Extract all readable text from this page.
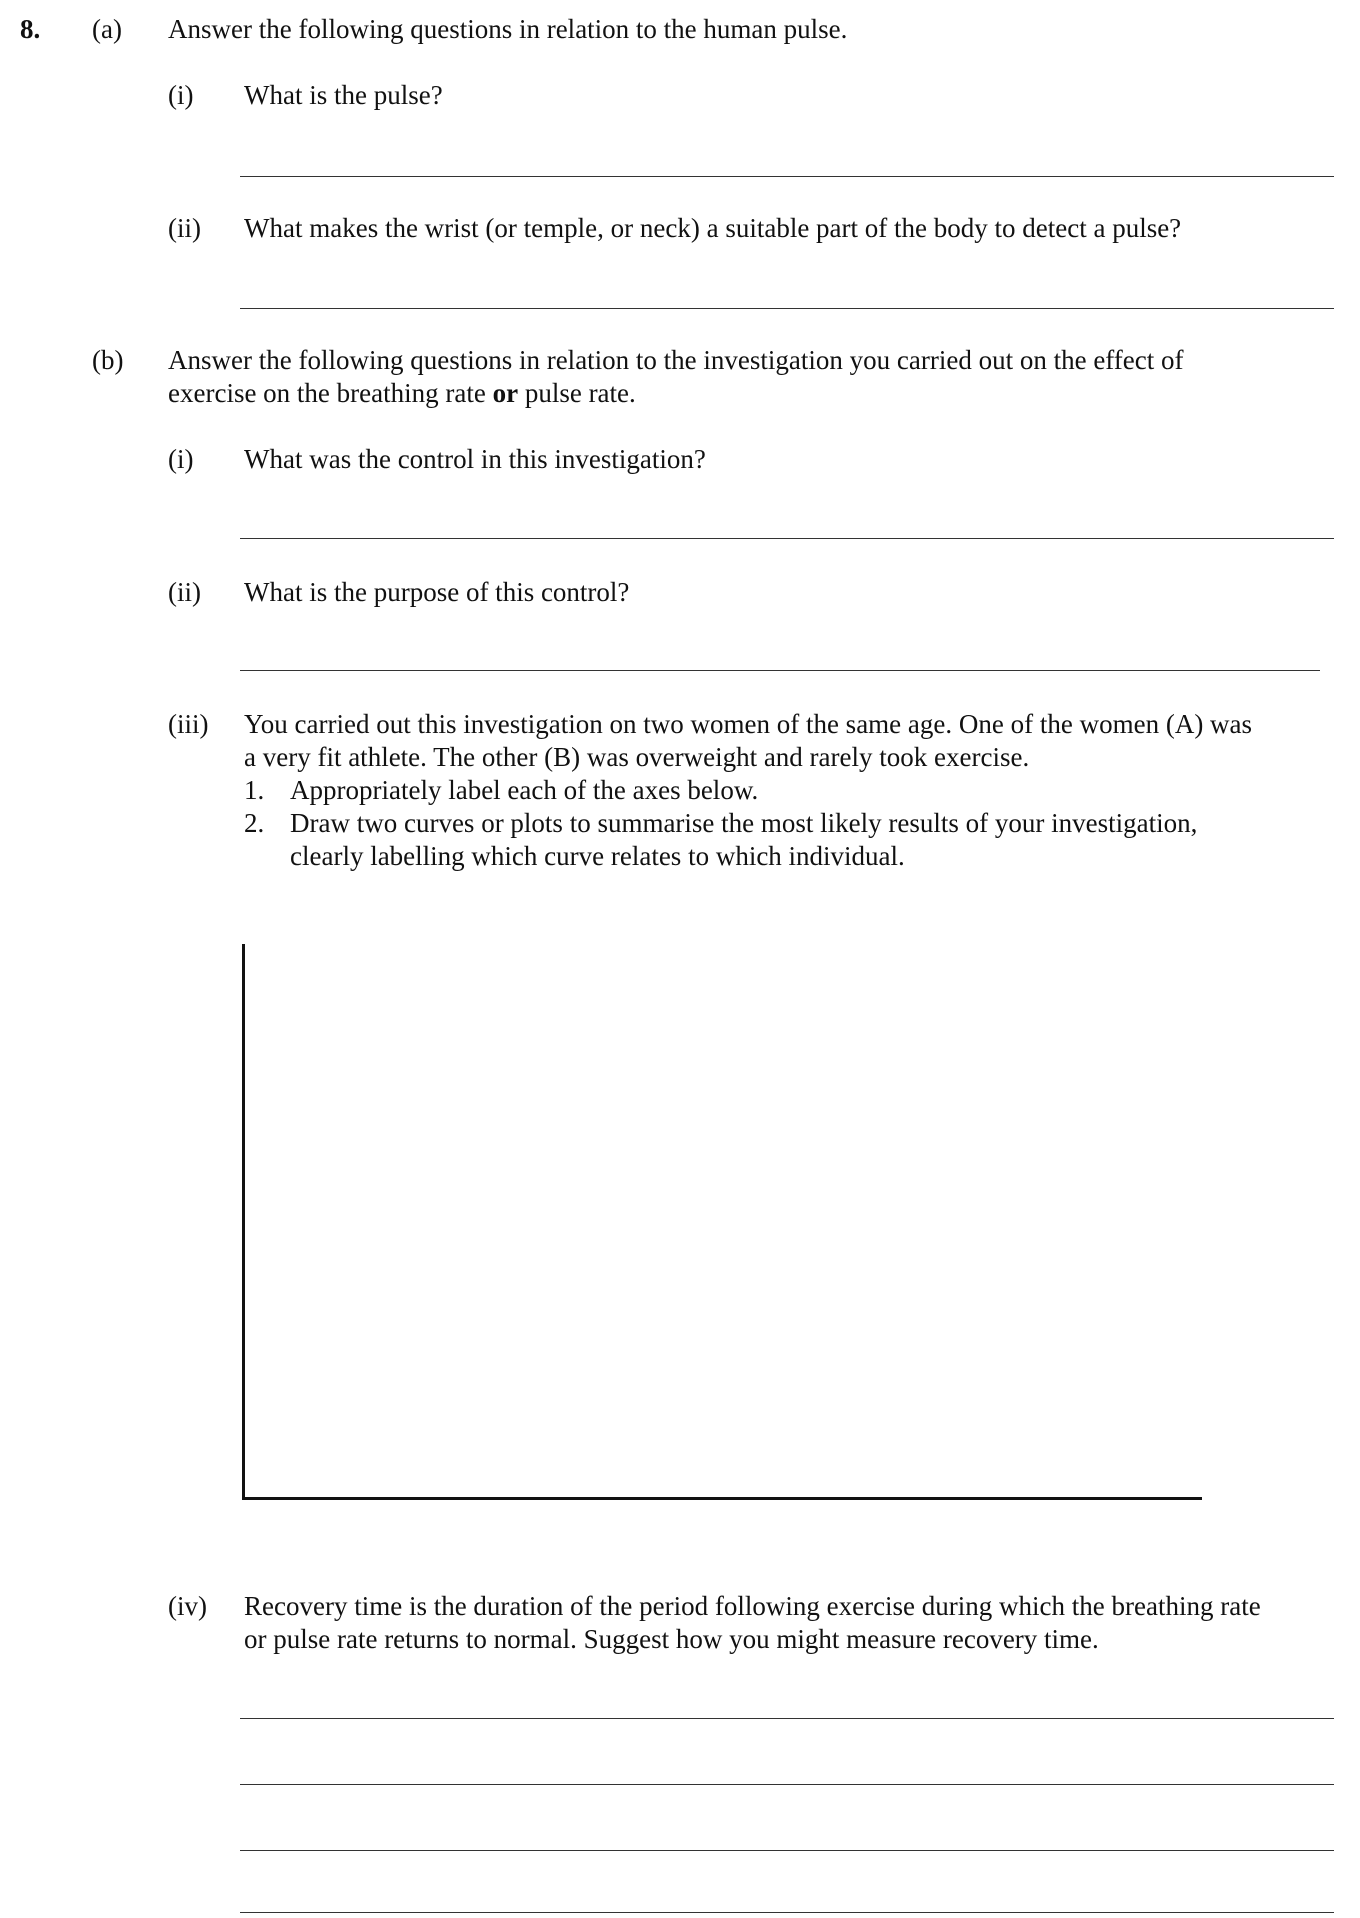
8. (a) Answer the following questions in relation to the human pulse.
(i) What is the pulse?
(ii) What makes the wrist (or temple, or neck) a suitable part of the body to detect a pulse?
(b) Answer the following questions in relation to the investigation you carried out on the effect of
exercise on the breathing rate or pulse rate.
(i) What was the control in this investigation?
(ii) What is the purpose of this control?
(iii) You carried out this investigation on two women of the same age. One of the women (A) was
a very fit athlete. The other (B) was overweight and rarely took exercise.
1. Appropriately label each of the axes below.
2. Draw two curves or plots to summarise the most likely results of your investigation,
clearly labelling which curve relates to which individual.
(iv) Recovery time is the duration of the period following exercise during which the breathing rate
or pulse rate returns to normal. Suggest how you might measure recovery time.
